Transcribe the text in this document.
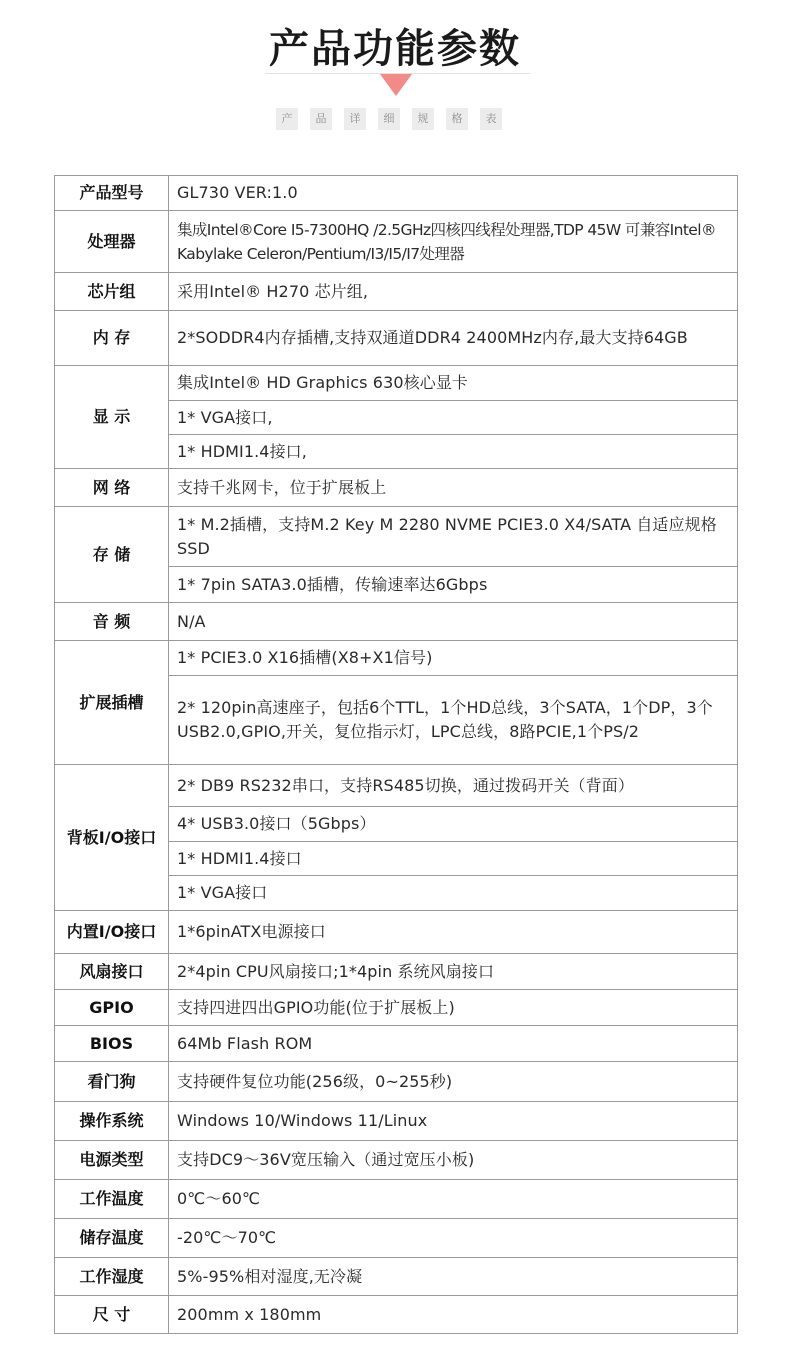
产品功能参数
产	品	详	细	规	格	表
产品型号	GL730 VER:1.0
处理器	集成Intel®Core I5-7300HQ /2.5GHz四核四线程处理器,TDP 45W 可兼容Intel® Kabylake Celeron/Pentium/I3/I5/I7处理器
芯片组	采用Intel® H270 芯片组,
内 存	2*SODDR4内存插槽,支持双通道DDR4 2400MHz内存,最大支持64GB
显 示	集成Intel® HD Graphics 630核心显卡
	1* VGA接口,
	1* HDMI1.4接口,
网 络	支持千兆网卡，位于扩展板上
存 储	1* M.2插槽，支持M.2 Key M 2280 NVME PCIE3.0 X4/SATA 自适应规格SSD
	1* 7pin SATA3.0插槽，传输速率达6Gbps
音 频	N/A
扩展插槽	1* PCIE3.0 X16插槽(X8+X1信号)
	2* 120pin高速座子，包括6个TTL，1个HD总线，3个SATA，1个DP，3个 USB2.0,GPIO,开关，复位指示灯，LPC总线，8路PCIE,1个PS/2
背板I/O接口	2* DB9 RS232串口，支持RS485切换，通过拨码开关（背面）
	4* USB3.0接口（5Gbps）
	1* HDMI1.4接口
	1* VGA接口
内置I/O接口	1*6pinATX电源接口
风扇接口	2*4pin CPU风扇接口;1*4pin 系统风扇接口
GPIO	支持四进四出GPIO功能(位于扩展板上)
BIOS	64Mb Flash ROM
看门狗	支持硬件复位功能(256级，0~255秒)
操作系统	Windows 10/Windows 11/Linux
电源类型	支持DC9～36V宽压输入（通过宽压小板)
工作温度	0℃～60℃
储存温度	-20℃～70℃
工作湿度	5%-95%相对湿度,无冷凝
尺 寸	200mm x 180mm
